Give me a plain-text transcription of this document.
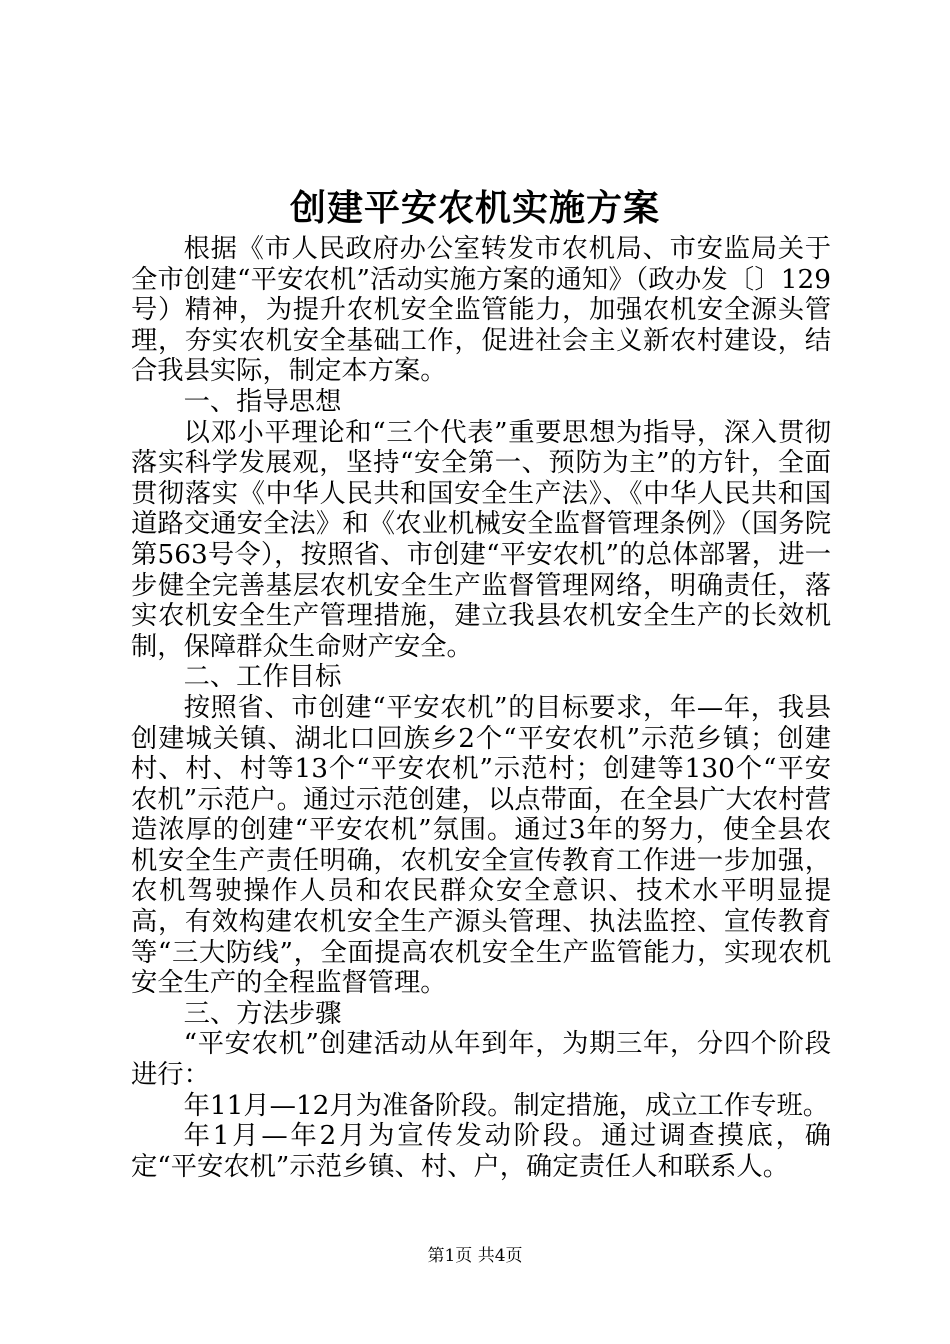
创建平安农机实施方案

根据《市人民政府办公室转发市农机局、市安监局关于全市创建“平安农机”活动实施方案的通知》（政办发〔〕129号）精神，为提升农机安全监管能力，加强农机安全源头管理，夯实农机安全基础工作，促进社会主义新农村建设，结合我县实际，制定本方案。

一、指导思想

以邓小平理论和“三个代表”重要思想为指导，深入贯彻落实科学发展观，坚持“安全第一、预防为主”的方针，全面贯彻落实《中华人民共和国安全生产法》、《中华人民共和国道路交通安全法》和《农业机械安全监督管理条例》（国务院第563号令），按照省、市创建“平安农机”的总体部署，进一步健全完善基层农机安全生产监督管理网络，明确责任，落实农机安全生产管理措施，建立我县农机安全生产的长效机制，保障群众生命财产安全。

二、工作目标

按照省、市创建“平安农机”的目标要求，年—年，我县创建城关镇、湖北口回族乡2个“平安农机”示范乡镇；创建村、村、村等13个“平安农机”示范村；创建等130个“平安农机”示范户。通过示范创建，以点带面，在全县广大农村营造浓厚的创建“平安农机”氛围。通过3年的努力，使全县农机安全生产责任明确，农机安全宣传教育工作进一步加强，农机驾驶操作人员和农民群众安全意识、技术水平明显提高，有效构建农机安全生产源头管理、执法监控、宣传教育等“三大防线”，全面提高农机安全生产监管能力，实现农机安全生产的全程监督管理。

三、方法步骤

“平安农机”创建活动从年到年，为期三年，分四个阶段进行：

年11月—12月为准备阶段。制定措施，成立工作专班。

年1月—年2月为宣传发动阶段。通过调查摸底，确定“平安农机”示范乡镇、村、户，确定责任人和联系人。

第1页 共4页
